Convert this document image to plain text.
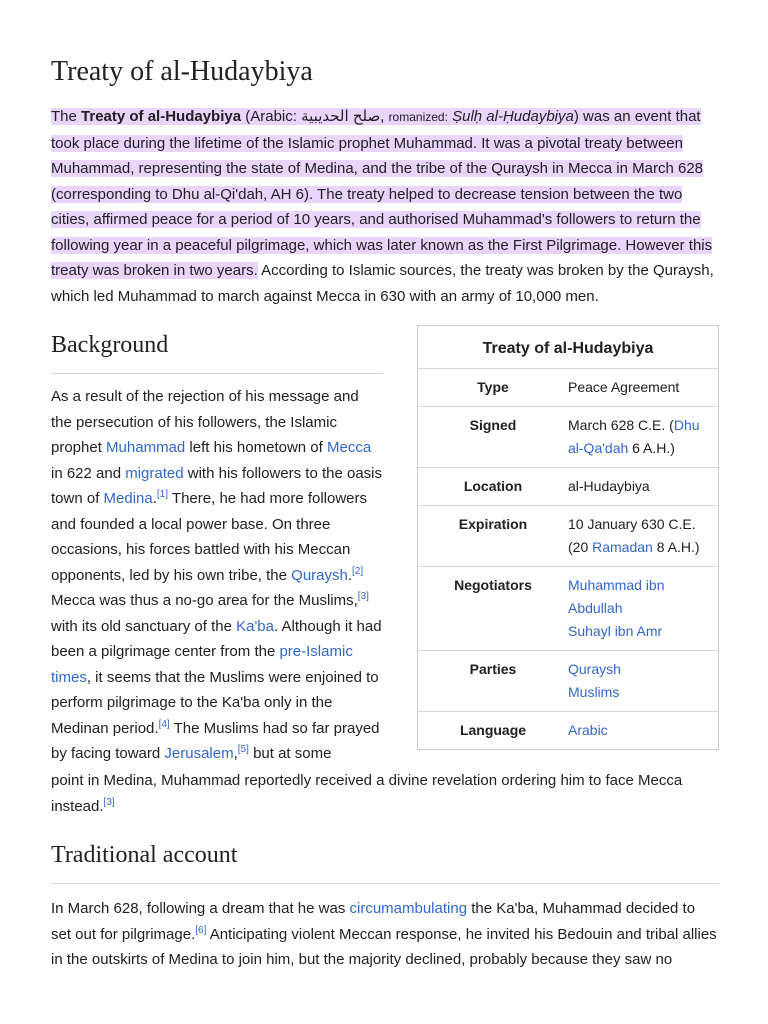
Treaty of al-Hudaybiya

The Treaty of al-Hudaybiya (Arabic: صلح الحديبية, romanized: Ṣulḥ al-Ḥudaybiya) was an event that took place during the lifetime of the Islamic prophet Muhammad. It was a pivotal treaty between Muhammad, representing the state of Medina, and the tribe of the Quraysh in Mecca in March 628 (corresponding to Dhu al-Qi'dah, AH 6). The treaty helped to decrease tension between the two cities, affirmed peace for a period of 10 years, and authorised Muhammad's followers to return the following year in a peaceful pilgrimage, which was later known as the First Pilgrimage. However this treaty was broken in two years. According to Islamic sources, the treaty was broken by the Quraysh, which led Muhammad to march against Mecca in 630 with an army of 10,000 men.

Background

As a result of the rejection of his message and the persecution of his followers, the Islamic prophet Muhammad left his hometown of Mecca in 622 and migrated with his followers to the oasis town of Medina.[1] There, he had more followers and founded a local power base. On three occasions, his forces battled with his Meccan opponents, led by his own tribe, the Quraysh.[2] Mecca was thus a no-go area for the Muslims,[3] with its old sanctuary of the Ka'ba. Although it had been a pilgrimage center from the pre-Islamic times, it seems that the Muslims were enjoined to perform pilgrimage to the Ka'ba only in the Medinan period.[4] The Muslims had so far prayed by facing toward Jerusalem,[5] but at some

point in Medina, Muhammad reportedly received a divine revelation ordering him to face Mecca instead.[3]

Traditional account

In March 628, following a dream that he was circumambulating the Ka'ba, Muhammad decided to set out for pilgrimage.[6] Anticipating violent Meccan response, he invited his Bedouin and tribal allies in the outskirts of Medina to join him, but the majority declined, probably because they saw no

Treaty of al-Hudaybiya
Type	Peace Agreement
Signed	March 628 C.E. (Dhu al-Qa'dah 6 A.H.)
Location	al-Hudaybiya
Expiration	10 January 630 C.E. (20 Ramadan 8 A.H.)
Negotiators	Muhammad ibn Abdullah
Suhayl ibn Amr
Parties	Quraysh
Muslims
Language	Arabic
